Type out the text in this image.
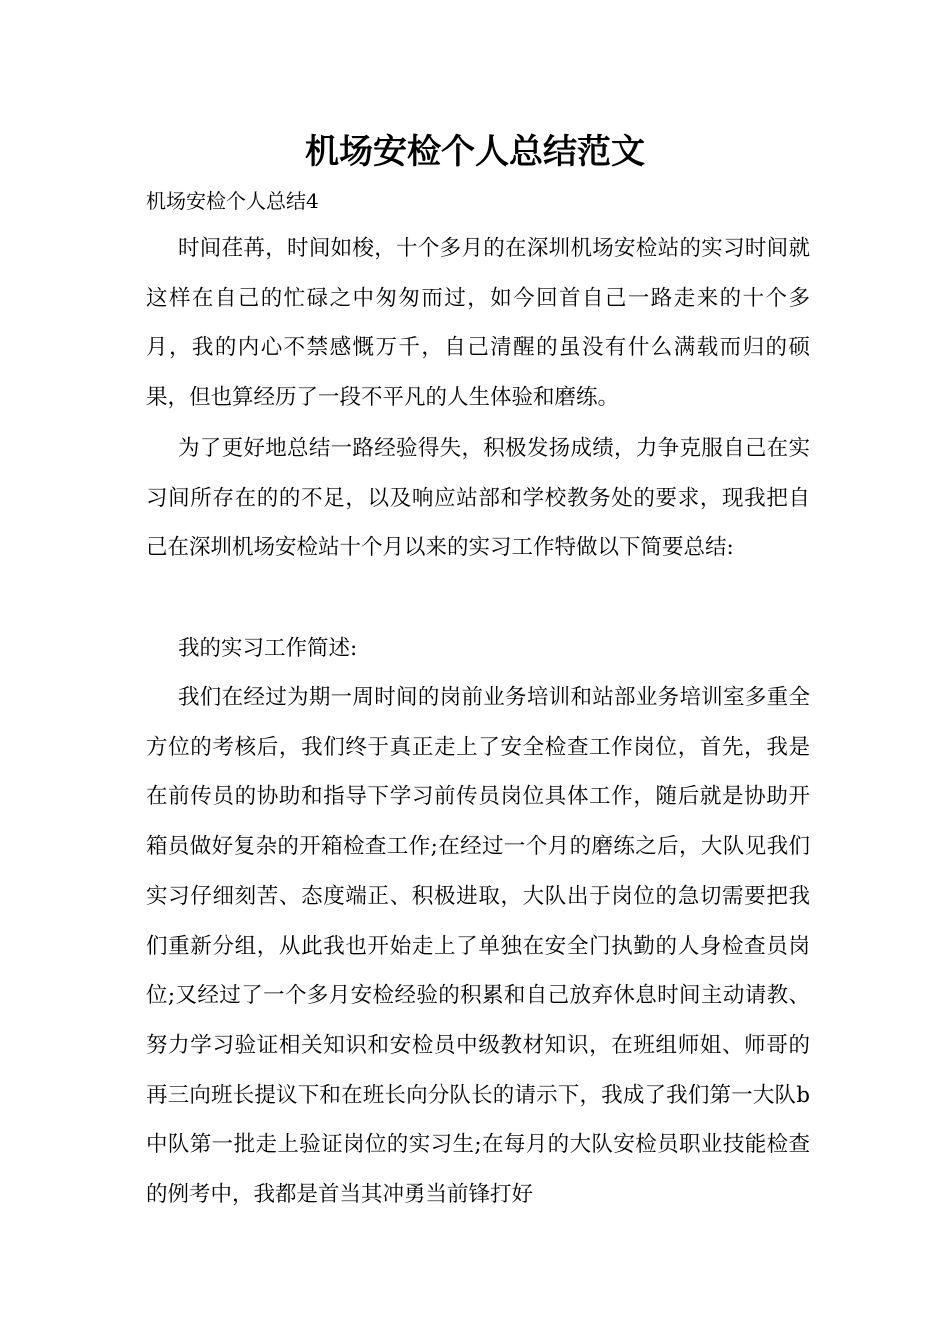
机场安检个人总结范文

机场安检个人总结4

时间荏苒，时间如梭，十个多月的在深圳机场安检站的实习时间就这样在自己的忙碌之中匆匆而过，如今回首自己一路走来的十个多月，我的内心不禁感慨万千，自己清醒的虽没有什么满载而归的硕果，但也算经历了一段不平凡的人生体验和磨练。

为了更好地总结一路经验得失，积极发扬成绩，力争克服自己在实习间所存在的的不足，以及响应站部和学校教务处的要求，现我把自己在深圳机场安检站十个月以来的实习工作特做以下简要总结:

我的实习工作简述:

我们在经过为期一周时间的岗前业务培训和站部业务培训室多重全方位的考核后，我们终于真正走上了安全检查工作岗位，首先，我是在前传员的协助和指导下学习前传员岗位具体工作，随后就是协助开箱员做好复杂的开箱检查工作;在经过一个月的磨练之后，大队见我们实习仔细刻苦、态度端正、积极进取，大队出于岗位的急切需要把我们重新分组，从此我也开始走上了单独在安全门执勤的人身检查员岗位;又经过了一个多月安检经验的积累和自己放弃休息时间主动请教、努力学习验证相关知识和安检员中级教材知识，在班组师姐、师哥的再三向班长提议下和在班长向分队长的请示下，我成了我们第一大队b中队第一批走上验证岗位的实习生;在每月的大队安检员职业技能检查的例考中，我都是首当其冲勇当前锋打好
